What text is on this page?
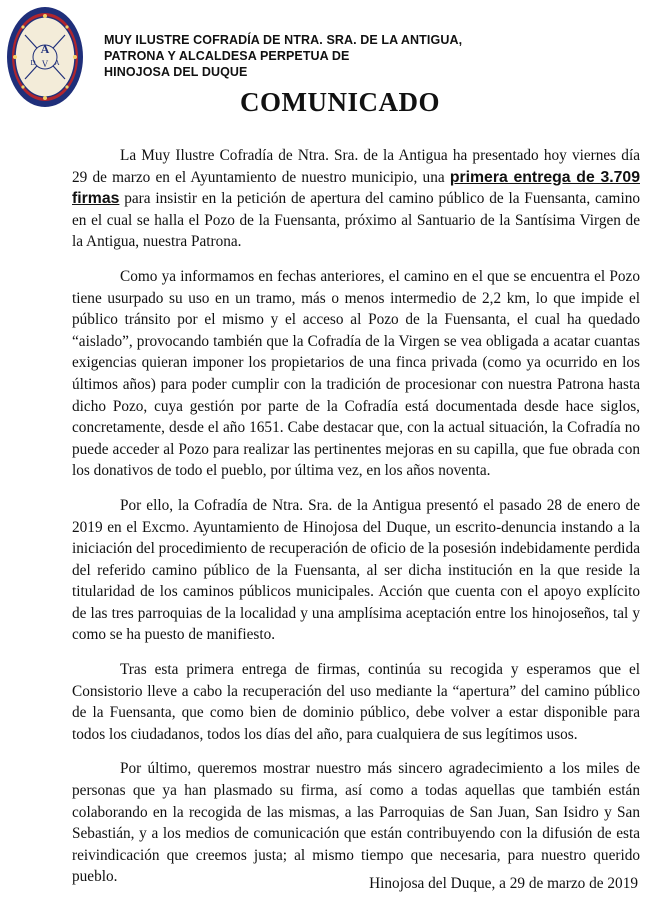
A
D V A
MUY ILUSTRE COFRADÍA DE NTRA. SRA. DE LA ANTIGUA,
PATRONA Y ALCALDESA PERPETUA DE
HINOJOSA DEL DUQUE
COMUNICADO

La Muy Ilustre Cofradía de Ntra. Sra. de la Antigua ha presentado hoy viernes día 29 de marzo en el Ayuntamiento de nuestro municipio, una primera entrega de 3.709 firmas para insistir en la petición de apertura del camino público de la Fuensanta, camino en el cual se halla el Pozo de la Fuensanta, próximo al Santuario de la Santísima Virgen de la Antigua, nuestra Patrona.

Como ya informamos en fechas anteriores, el camino en el que se encuentra el Pozo tiene usurpado su uso en un tramo, más o menos intermedio de 2,2 km, lo que impide el público tránsito por el mismo y el acceso al Pozo de la Fuensanta, el cual ha quedado “aislado”, provocando también que la Cofradía de la Virgen se vea obligada a acatar cuantas exigencias quieran imponer los propietarios de una finca privada (como ya ocurrido en los últimos años) para poder cumplir con la tradición de procesionar con nuestra Patrona hasta dicho Pozo, cuya gestión por parte de la Cofradía está documentada desde hace siglos, concretamente, desde el año 1651. Cabe destacar que, con la actual situación, la Cofradía no puede acceder al Pozo para realizar las pertinentes mejoras en su capilla, que fue obrada con los donativos de todo el pueblo, por última vez, en los años noventa.

Por ello, la Cofradía de Ntra. Sra. de la Antigua presentó el pasado 28 de enero de 2019 en el Excmo. Ayuntamiento de Hinojosa del Duque, un escrito-denuncia instando a la iniciación del procedimiento de recuperación de oficio de la posesión indebidamente perdida del referido camino público de la Fuensanta, al ser dicha institución en la que reside la titularidad de los caminos públicos municipales. Acción que cuenta con el apoyo explícito de las tres parroquias de la localidad y una amplísima aceptación entre los hinojoseños, tal y como se ha puesto de manifiesto.

Tras esta primera entrega de firmas, continúa su recogida y esperamos que el Consistorio lleve a cabo la recuperación del uso mediante la “apertura” del camino público de la Fuensanta, que como bien de dominio público, debe volver a estar disponible para todos los ciudadanos, todos los días del año, para cualquiera de sus legítimos usos.

Por último, queremos mostrar nuestro más sincero agradecimiento a los miles de personas que ya han plasmado su firma, así como a todas aquellas que también están colaborando en la recogida de las mismas, a las Parroquias de San Juan, San Isidro y San Sebastián, y a los medios de comunicación que están contribuyendo con la difusión de esta reivindicación que creemos justa; al mismo tiempo que necesaria, para nuestro querido pueblo.	Hinojosa del Duque, a 29 de marzo de 2019
